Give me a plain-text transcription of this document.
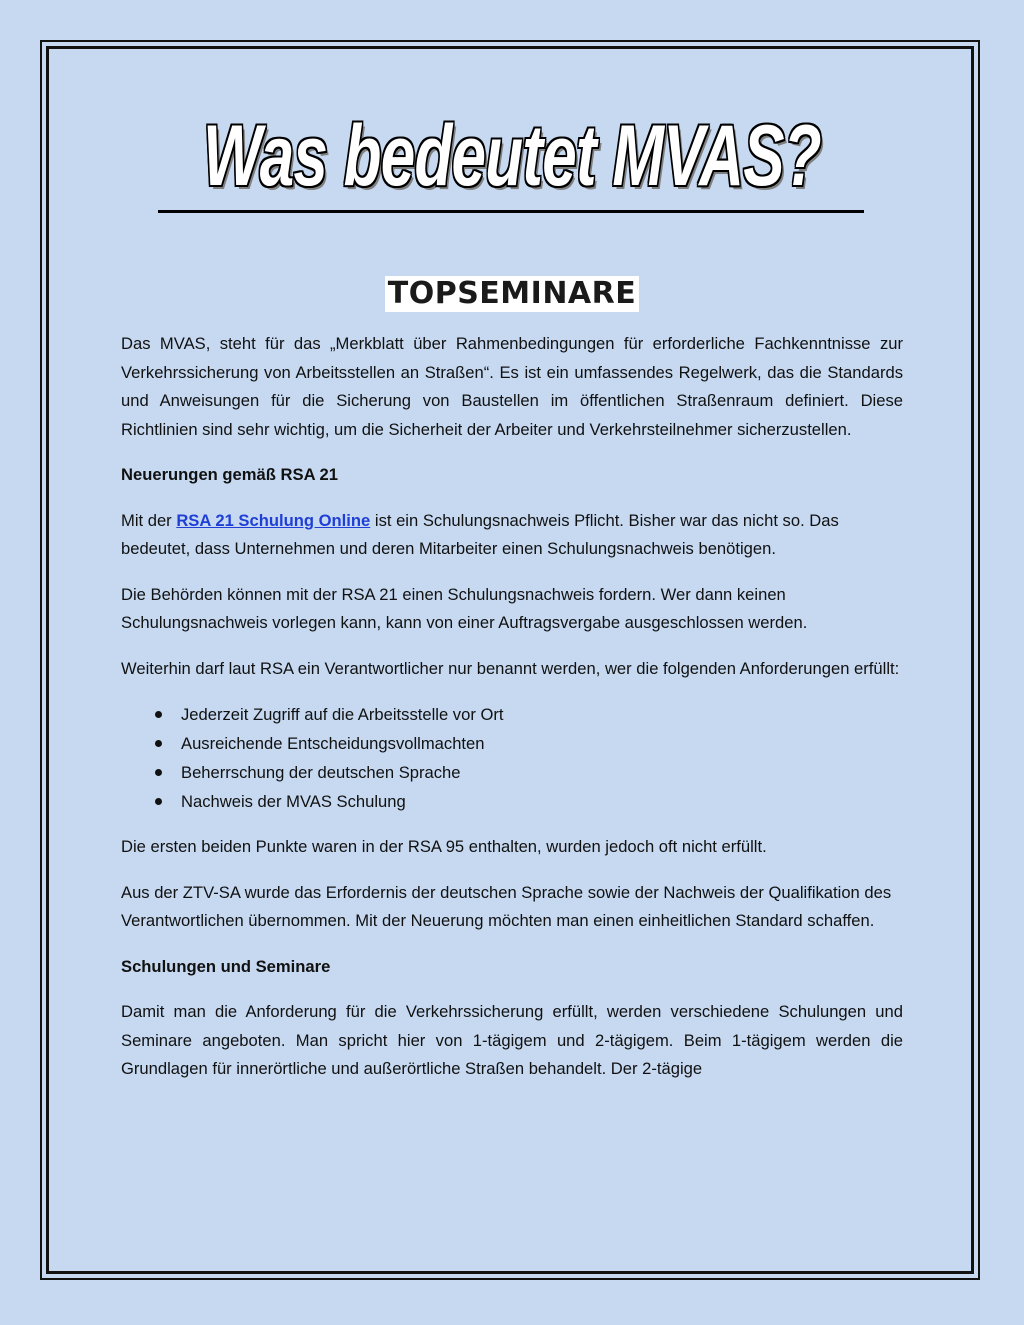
Was bedeutet MVAS?
TOPSEMINARE

Das MVAS, steht für das „Merkblatt über Rahmenbedingungen für erforderliche Fachkenntnisse zur Verkehrssicherung von Arbeitsstellen an Straßen“. Es ist ein umfassendes Regelwerk, das die Standards und Anweisungen für die Sicherung von Baustellen im öffentlichen Straßenraum definiert. Diese Richtlinien sind sehr wichtig, um die Sicherheit der Arbeiter und Verkehrsteilnehmer sicherzustellen.

Neuerungen gemäß RSA 21

Mit der RSA 21 Schulung Online ist ein Schulungsnachweis Pflicht. Bisher war das nicht so. Das bedeutet, dass Unternehmen und deren Mitarbeiter einen Schulungsnachweis benötigen.

Die Behörden können mit der RSA 21 einen Schulungsnachweis fordern. Wer dann keinen Schulungsnachweis vorlegen kann, kann von einer Auftragsvergabe ausgeschlossen werden.

Weiterhin darf laut RSA ein Verantwortlicher nur benannt werden, wer die folgenden Anforderungen erfüllt:

Jederzeit Zugriff auf die Arbeitsstelle vor Ort
Ausreichende Entscheidungsvollmachten
Beherrschung der deutschen Sprache
Nachweis der MVAS Schulung

Die ersten beiden Punkte waren in der RSA 95 enthalten, wurden jedoch oft nicht erfüllt.

Aus der ZTV-SA wurde das Erfordernis der deutschen Sprache sowie der Nachweis der Qualifikation des Verantwortlichen übernommen. Mit der Neuerung möchten man einen einheitlichen Standard schaffen.

Schulungen und Seminare

Damit man die Anforderung für die Verkehrssicherung erfüllt, werden verschiedene Schulungen und Seminare angeboten. Man spricht hier von 1-tägigem und 2-tägigem. Beim 1-tägigem werden die Grundlagen für innerörtliche und außerörtliche Straßen behandelt. Der 2-tägige
